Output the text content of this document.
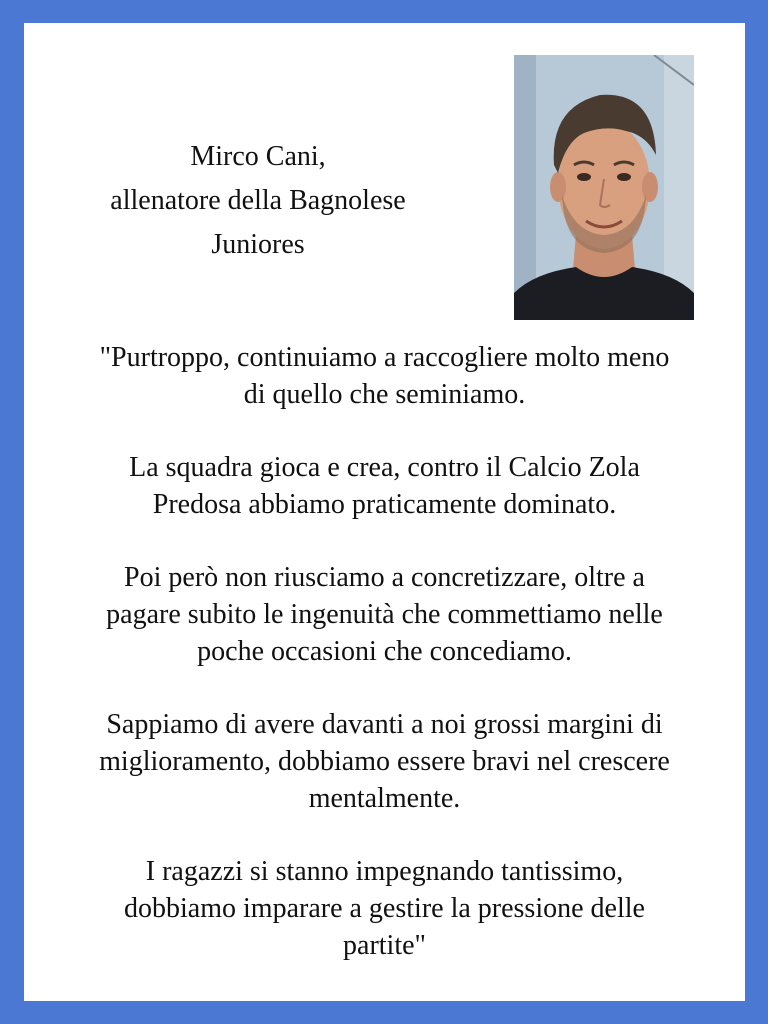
Mirco Cani,
allenatore della Bagnolese
Juniores

"Purtroppo, continuiamo a raccogliere molto meno
di quello che seminiamo.

La squadra gioca e crea, contro il Calcio Zola
Predosa abbiamo praticamente dominato.

Poi però non riusciamo a concretizzare, oltre a
pagare subito le ingenuità che commettiamo nelle
poche occasioni che concediamo.

Sappiamo di avere davanti a noi grossi margini di
miglioramento, dobbiamo essere bravi nel crescere
mentalmente.

I ragazzi si stanno impegnando tantissimo,
dobbiamo imparare a gestire la pressione delle
partite"
